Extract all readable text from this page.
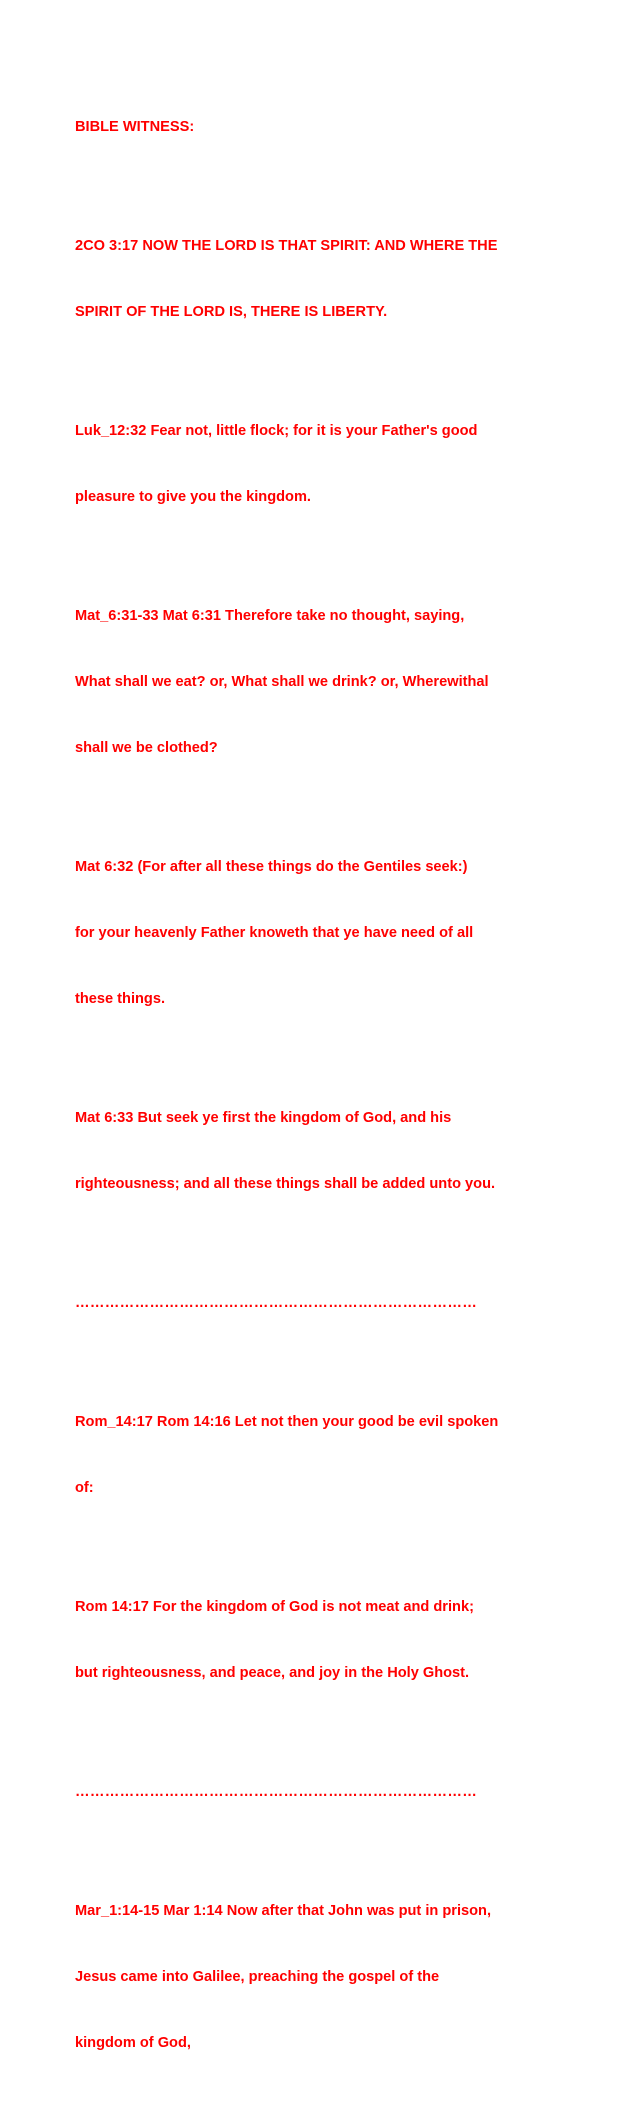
BIBLE WITNESS:

2CO 3:17 NOW THE LORD IS THAT SPIRIT: AND WHERE THE

SPIRIT OF THE LORD IS, THERE IS LIBERTY.

Luk_12:32 Fear not, little flock; for it is your Father's good

pleasure to give you the kingdom.

Mat_6:31-33 Mat 6:31 Therefore take no thought, saying,

What shall we eat? or, What shall we drink? or, Wherewithal

shall we be clothed?

Mat 6:32 (For after all these things do the Gentiles seek:)

for your heavenly Father knoweth that ye have need of all

these things.

Mat 6:33 But seek ye first the kingdom of God, and his

righteousness; and all these things shall be added unto you.

………………………………………………………………………

Rom_14:17 Rom 14:16 Let not then your good be evil spoken

of:

Rom 14:17 For the kingdom of God is not meat and drink;

but righteousness, and peace, and joy in the Holy Ghost.

………………………………………………………………………

Mar_1:14-15 Mar 1:14 Now after that John was put in prison,

Jesus came into Galilee, preaching the gospel of the

kingdom of God,
